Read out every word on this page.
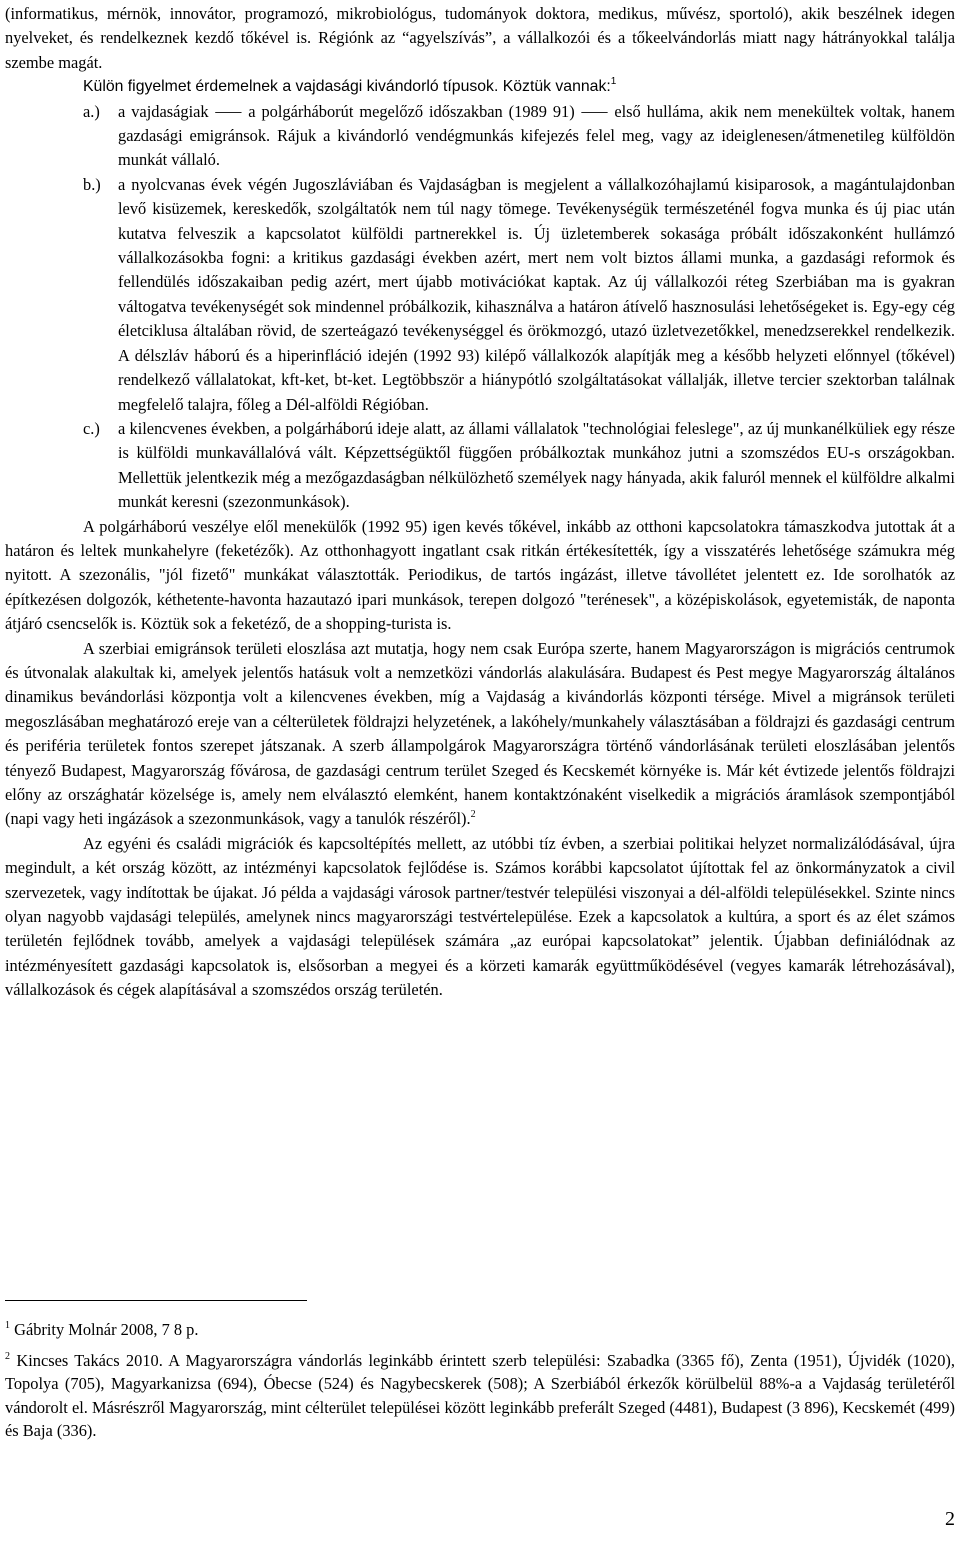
(informatikus, mérnök, innovátor, programozó, mikrobiológus, tudományok doktora, medikus, művész, sportoló), akik beszélnek idegen nyelveket, és rendelkeznek kezdő tőkével is. Régiónk az “agyelszívás”, a vállalkozói és a tőkeelvándorlás miatt nagy hátrányokkal találja szembe magát.

Külön figyelmet érdemelnek a vajdasági kivándorló típusok. Köztük vannak:$^1$

a.) a vajdaságiak ⸺ a polgárháborút megelőző időszakban (1989 91) ⸺ első hulláma, akik nem menekültek voltak, hanem gazdasági emigránsok. Rájuk a kivándorló vendégmunkás kifejezés felel meg, vagy az ideiglenesen/átmenetileg külföldön munkát vállaló.

b.) a nyolcvanas évek végén Jugoszláviában és Vajdaságban is megjelent a vállalkozóhajlamú kisiparosok, a magántulajdonban levő kisüzemek, kereskedők, szolgáltatók nem túl nagy tömege. Tevékenységük természeténél fogva munka és új piac után kutatva felveszik a kapcsolatot külföldi partnerekkel is. Új üzletemberek sokasága próbált időszakonként hullámzó vállalkozásokba fogni: a kritikus gazdasági években azért, mert nem volt biztos állami munka, a gazdasági reformok és fellendülés időszakaiban pedig azért, mert újabb motivációkat kaptak. Az új vállalkozói réteg Szerbiában ma is gyakran váltogatva tevékenységét sok mindennel próbálkozik, kihasználva a határon átívelő hasznosulási lehetőségeket is. Egy-egy cég életciklusa általában rövid, de szerteágazó tevékenységgel és örökmozgó, utazó üzletvezetőkkel, menedzserekkel rendelkezik. A délszláv háború és a hiperinfláció idején (1992 93) kilépő vállalkozók alapítják meg a később helyzeti előnnyel (tőkével) rendelkező vállalatokat, kft-ket, bt-ket. Legtöbbször a hiánypótló szolgáltatásokat vállalják, illetve tercier szektorban találnak megfelelő talajra, főleg a Dél-alföldi Régióban.

c.) a kilencvenes években, a polgárháború ideje alatt, az állami vállalatok "technológiai feleslege", az új munkanélküliek egy része is külföldi munkavállalóvá vált. Képzettségüktől függően próbálkoztak munkához jutni a szomszédos EU-s országokban. Mellettük jelentkezik még a mezőgazdaságban nélkülözhető személyek nagy hányada, akik faluról mennek el külföldre alkalmi munkát keresni (szezonmunkások).

A polgárháború veszélye elől menekülők (1992 95) igen kevés tőkével, inkább az otthoni kapcsolatokra támaszkodva jutottak át a határon és leltek munkahelyre (feketézők). Az otthonhagyott ingatlant csak ritkán értékesítették, így a visszatérés lehetősége számukra még nyitott. A szezonális, "jól fizető" munkákat választották. Periodikus, de tartós ingázást, illetve távollétet jelentett ez. Ide sorolhatók az építkezésen dolgozók, kéthetente-havonta hazautazó ipari munkások, terepen dolgozó "terénesek", a középiskolások, egyetemisták, de naponta átjáró csencselők is. Köztük sok a feketéző, de a shopping-turista is.

A szerbiai emigránsok területi eloszlása azt mutatja, hogy nem csak Európa szerte, hanem Magyarországon is migrációs centrumok és útvonalak alakultak ki, amelyek jelentős hatásuk volt a nemzetközi vándorlás alakulására. Budapest és Pest megye Magyarország általános dinamikus bevándorlási központja volt a kilencvenes években, míg a Vajdaság a kivándorlás központi térsége. Mivel a migránsok területi megoszlásában meghatározó ereje van a célterületek földrajzi helyzetének, a lakóhely/munkahely választásában a földrajzi és gazdasági centrum és periféria területek fontos szerepet játszanak. A szerb állampolgárok Magyarországra történő vándorlásának területi eloszlásában jelentős tényező Budapest, Magyarország fővárosa, de gazdasági centrum terület Szeged és Kecskemét környéke is. Már két évtizede jelentős földrajzi előny az országhatár közelsége is, amely nem elválasztó elemként, hanem kontaktzónaként viselkedik a migrációs áramlások szempontjából (napi vagy heti ingázások a szezonmunkások, vagy a tanulók részéről).$^2$

Az egyéni és családi migrációk és kapcsoltépítés mellett, az utóbbi tíz évben, a szerbiai politikai helyzet normalizálódásával, újra megindult, a két ország között, az intézményi kapcsolatok fejlődése is. Számos korábbi kapcsolatot újítottak fel az önkormányzatok a civil szervezetek, vagy indítottak be újakat. Jó példa a vajdasági városok partner/testvér települési viszonyai a dél-alföldi településekkel. Szinte nincs olyan nagyobb vajdasági település, amelynek nincs magyarországi testvértelepülése. Ezek a kapcsolatok a kultúra, a sport és az élet számos területén fejlődnek tovább, amelyek a vajdasági települések számára „az európai kapcsolatokat” jelentik. Újabban definiálódnak az intézményesített gazdasági kapcsolatok is, elsősorban a megyei és a körzeti kamarák együttműködésével (vegyes kamarák létrehozásával), vállalkozások és cégek alapításával a szomszédos ország területén.

$^1$ Gábrity Molnár 2008, 7 8 p.

$^2$ Kincses Takács 2010. A Magyarországra vándorlás leginkább érintett szerb települési: Szabadka (3365 fő), Zenta (1951), Újvidék (1020), Topolya (705), Magyarkanizsa (694), Óbecse (524) és Nagybecskerek (508); A Szerbiából érkezők körülbelül 88%-a a Vajdaság területéről vándorolt el. Másrészről Magyarország, mint célterület települései között leginkább preferált Szeged (4481), Budapest (3 896), Kecskemét (499) és Baja (336).

2
